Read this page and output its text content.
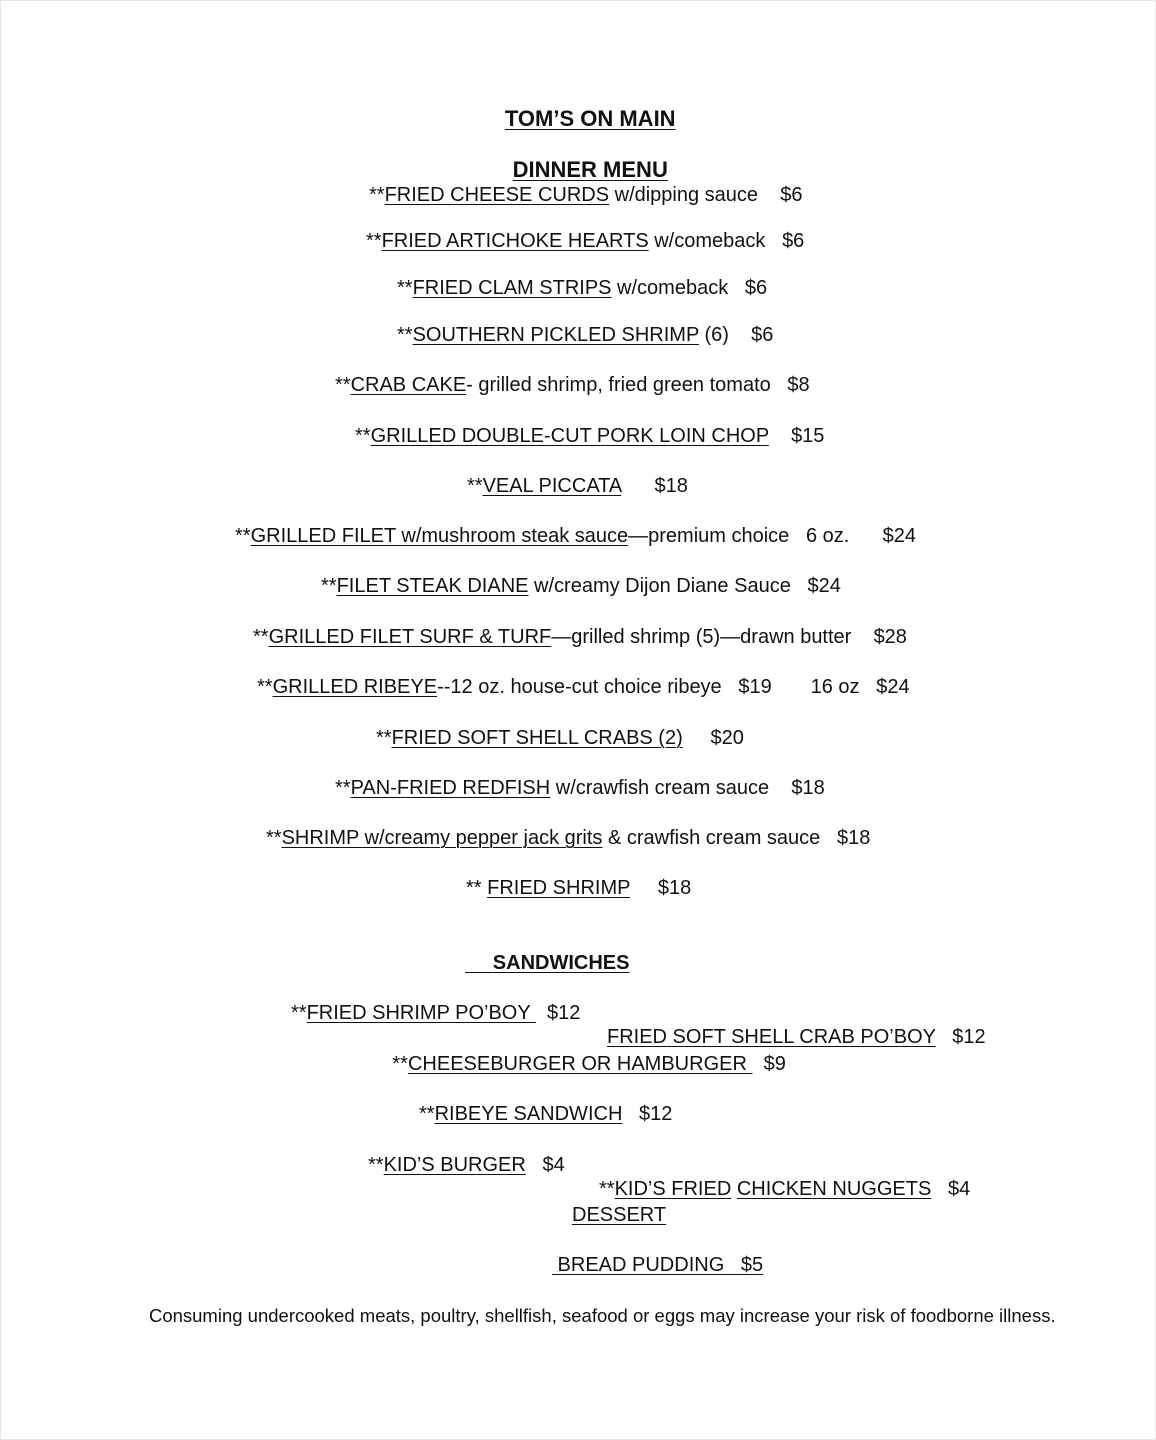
TOM’S ON MAIN

DINNER MENU

**FRIED CHEESE CURDS w/dipping sauce    $6
**FRIED ARTICHOKE HEARTS w/comeback   $6
**FRIED CLAM STRIPS w/comeback   $6
**SOUTHERN PICKLED SHRIMP (6)    $6
**CRAB CAKE- grilled shrimp, fried green tomato   $8
**GRILLED DOUBLE-CUT PORK LOIN CHOP $15
**VEAL PICCATA $18
**GRILLED FILET w/mushroom steak sauce—premium choice   6 oz.      $24
**FILET STEAK DIANE w/creamy Dijon Diane Sauce   $24
**GRILLED FILET SURF & TURF—grilled shrimp (5)—drawn butter    $28
**GRILLED RIBEYE--12 oz. house-cut choice ribeye   $19       16 oz   $24
**FRIED SOFT SHELL CRABS (2) $20
**PAN-FRIED REDFISH w/crawfish cream sauce    $18
**SHRIMP w/creamy pepper jack grits & crawfish cream sauce   $18
** FRIED SHRIMP $18

SANDWICHES

**FRIED SHRIMP PO’BOY   $12

FRIED SOFT SHELL CRAB PO’BOY   $12

**CHEESEBURGER OR HAMBURGER   $9

**RIBEYE SANDWICH   $12

**KID’S BURGER   $4

**KID’S FRIED CHICKEN NUGGETS   $4

DESSERT

BREAD PUDDING   $5

Consuming undercooked meats, poultry, shellfish, seafood or eggs may increase your risk of foodborne illness.
